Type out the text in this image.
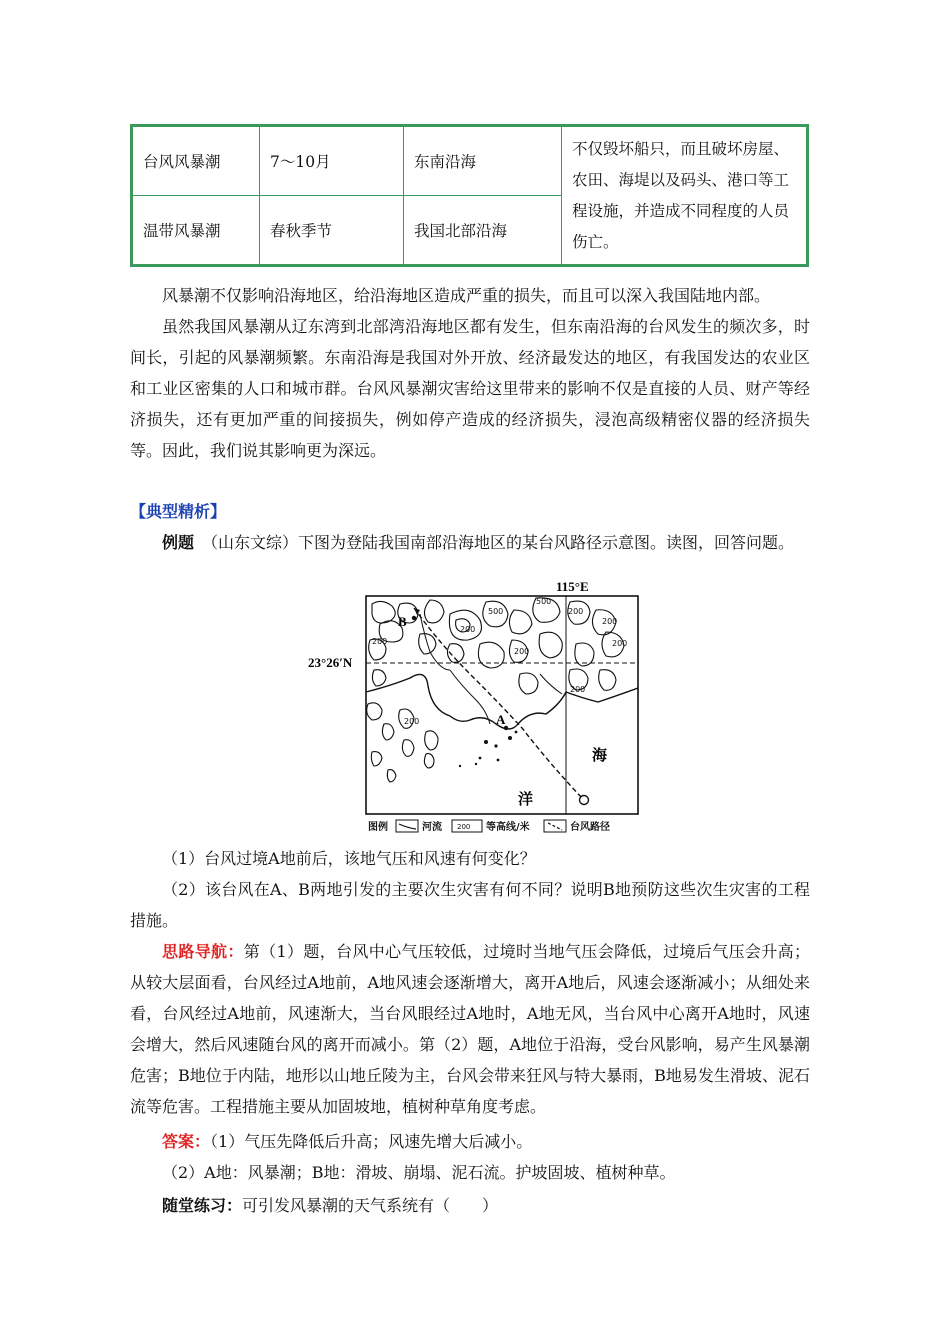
台风风暴潮	7～10月	东南沿海	不仅毁坏船只，而且破坏房屋、农田、海堤以及码头、港口等工程设施，并造成不同程度的人员伤亡。
温带风暴潮	春秋季节	我国北部沿海	

风暴潮不仅影响沿海地区，给沿海地区造成严重的损失，而且可以深入我国陆地内部。

虽然我国风暴潮从辽东湾到北部湾沿海地区都有发生，但东南沿海的台风发生的频次多，时间长，引起的风暴潮频繁。东南沿海是我国对外开放、经济最发达的地区，有我国发达的农业区和工业区密集的人口和城市群。台风风暴潮灾害给这里带来的影响不仅是直接的人员、财产等经济损失，还有更加严重的间接损失，例如停产造成的经济损失，浸泡高级精密仪器的经济损失等。因此，我们说其影响更为深远。

【典型精析】

例题　 （山东文综）下图为登陆我国南部沿海地区的某台风路径示意图。读图，回答问题。

115°E
23°26′N
500
200
200
500
200
200
200
200
200
200
B
A
海
洋
图例	河流 200 等高线/米	台风路径

（1）台风过境A地前后，该地气压和风速有何变化？

（2）该台风在A、B两地引发的主要次生灾害有何不同？说明B地预防这些次生灾害的工程措施。

思路导航：第（1）题，台风中心气压较低，过境时当地气压会降低，过境后气压会升高；从较大层面看，台风经过A地前，A地风速会逐渐增大，离开A地后，风速会逐渐减小；从细处来看，台风经过A地前，风速渐大，当台风眼经过A地时，A地无风，当台风中心离开A地时，风速会增大，然后风速随台风的离开而减小。第（2）题，A地位于沿海，受台风影响，易产生风暴潮危害；B地位于内陆，地形以山地丘陵为主，台风会带来狂风与特大暴雨，B地易发生滑坡、泥石流等危害。工程措施主要从加固坡地，植树种草角度考虑。

答案：（1）气压先降低后升高；风速先增大后减小。

（2）A地：风暴潮；B地：滑坡、崩塌、泥石流。护坡固坡、植树种草。

随堂练习：可引发风暴潮的天气系统有（　　）
